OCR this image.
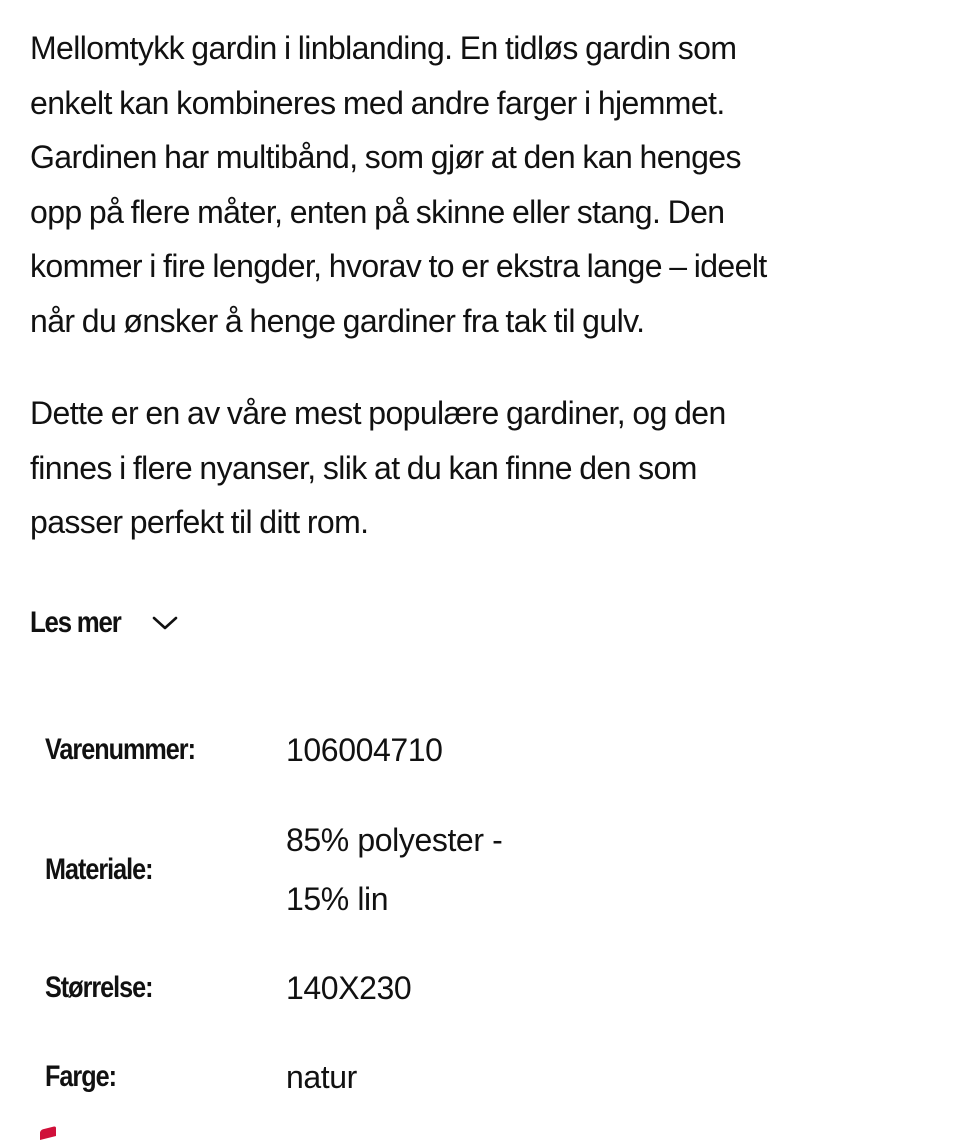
Mellomtykk gardin i linblanding. En tidløs gardin som
enkelt kan kombineres med andre farger i hjemmet.
Gardinen har multibånd, som gjør at den kan henges
opp på flere måter, enten på skinne eller stang. Den
kommer i fire lengder, hvorav to er ekstra lange – ideelt
når du ønsker å henge gardiner fra tak til gulv.

Dette er en av våre mest populære gardiner, og den
finnes i flere nyanser, slik at du kan finne den som
passer perfekt til ditt rom.

Les mer
Varenummer:	106004710
Materiale:
85% polyester -
15% lin
Størrelse:	140X230
Farge:	natur
